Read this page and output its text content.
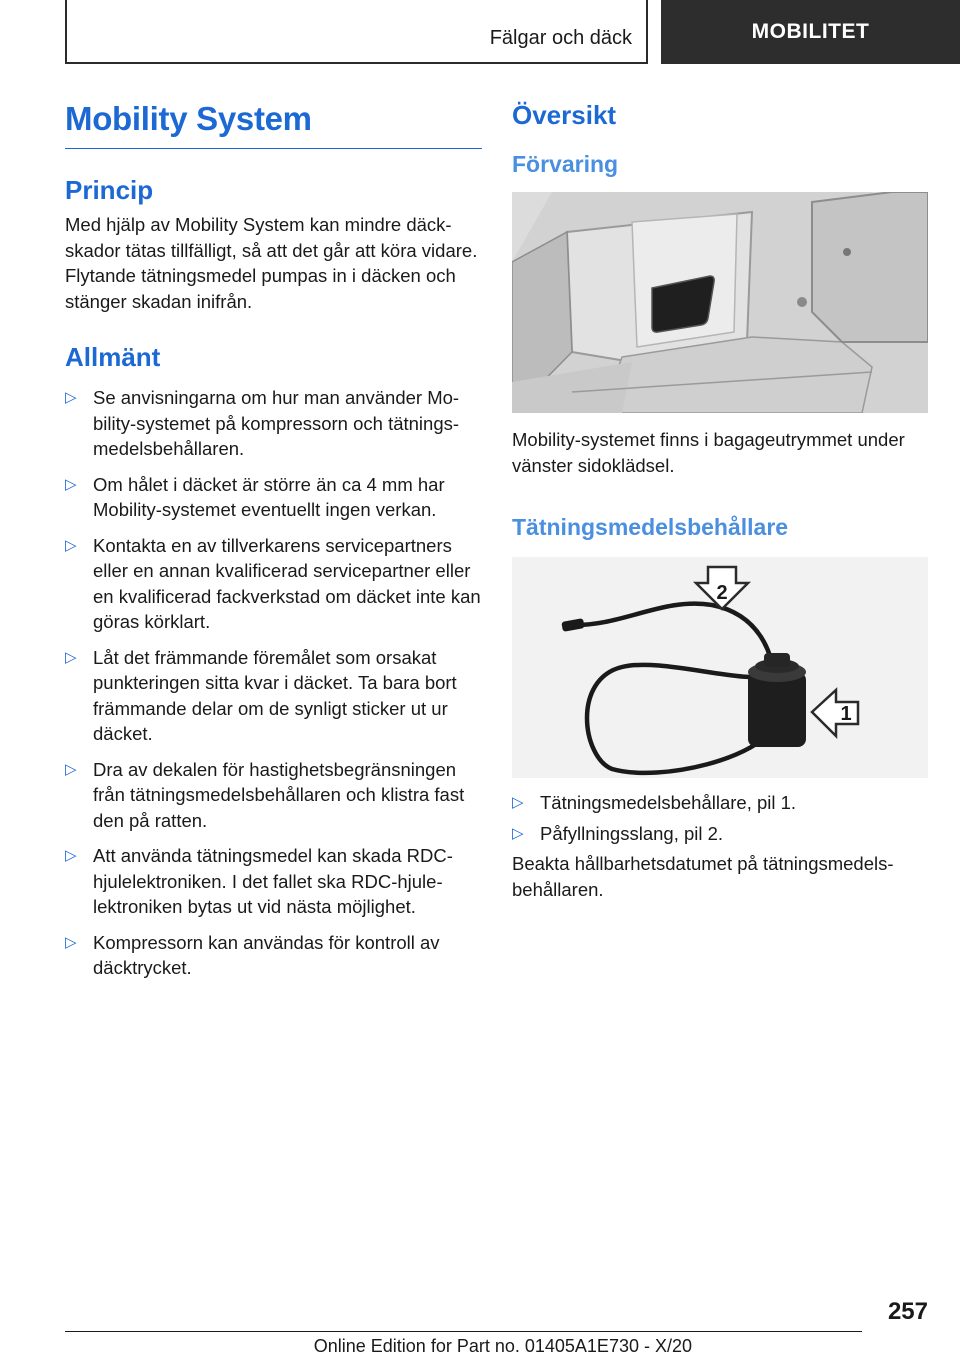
Fälgar och däck	MOBILITET
Mobility System
Princip

Med hjälp av Mobility System kan mindre däck-skador tätas tillfälligt, så att det går att köra vidare. Flytande tätningsmedel pumpas in i däcken och stänger skadan inifrån.

Allmänt
▷ Se anvisningarna om hur man använder Mo-bility-systemet på kompressorn och tätnings-medelsbehållaren.
▷ Om hålet i däcket är större än ca 4 mm har Mobility-systemet eventuellt ingen verkan.
▷ Kontakta en av tillverkarens servicepartners eller en annan kvalificerad servicepartner eller en kvalificerad fackverkstad om däcket inte kan göras körklart.
▷ Låt det främmande föremålet som orsakat punkteringen sitta kvar i däcket. Ta bara bort främmande delar om de synligt sticker ut ur däcket.
▷ Dra av dekalen för hastighetsbegränsningen från tätningsmedelsbehållaren och klistra fast den på ratten.
▷ Att använda tätningsmedel kan skada RDC-hjulelektroniken. I det fallet ska RDC-hjule-lektroniken bytas ut vid nästa möjlighet.
▷ Kompressorn kan användas för kontroll av däcktrycket.
Översikt
Förvaring

Mobility-systemet finns i bagageutrymmet under vänster sidoklädsel.

Tätningsmedelsbehållare
2
1
▷ Tätningsmedelsbehållare, pil 1.
▷ Påfyllningsslang, pil 2.

Beakta hållbarhetsdatumet på tätningsmedels-behållaren.

257
Online Edition for Part no. 01405A1E730 - X/20
